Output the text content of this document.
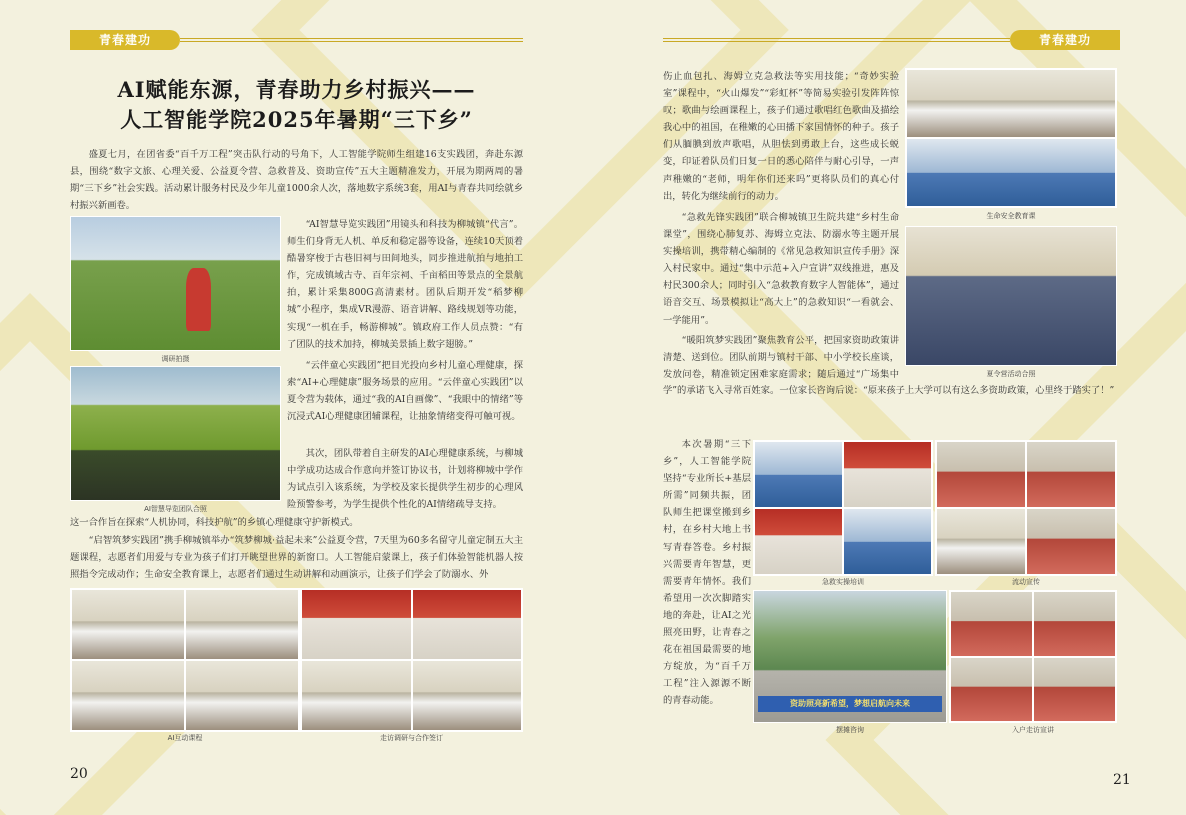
青春建功
AI赋能东源，青春助力乡村振兴——
人工智能学院2025年暑期“三下乡”

盛夏七月，在团省委“百千万工程”突击队行动的号角下，人工智能学院师生组建16支实践团，奔赴东源县，围绕“数字文旅、心理关爱、公益夏令营、急救普及、资助宣传”五大主题精准发力，开展为期两周的暑期“三下乡”社会实践。活动累计服务村民及少年儿童1000余人次，落地数字系统3套，用AI与青春共同绘就乡村振兴新画卷。

调研拍摄
AI智慧导览团队合照

“AI智慧导览实践团”用镜头和科技为柳城镇“代言”。师生们身背无人机、单反和稳定器等设备，连续10天顶着酷暑穿梭于古巷旧祠与田间地头，同步推进航拍与地拍工作，完成镇域古寺、百年宗祠、千亩稻田等景点的全景航拍，累计采集800G高清素材。团队后期开发“稻梦柳城”小程序，集成VR漫游、语音讲解、路线规划等功能，实现“一机在手，畅游柳城”。镇政府工作人员点赞：“有了团队的技术加持，柳城美景插上数字翅膀。”

“云伴童心实践团”把目光投向乡村儿童心理健康，探索“AI+心理健康”服务场景的应用。“云伴童心实践团”以夏令营为载体，通过“我的AI自画像”、“我眼中的情绪”等沉浸式AI心理健康团辅课程，让抽象情绪变得可触可视。

其次，团队带着自主研发的AI心理健康系统，与柳城中学成功达成合作意向并签订协议书，计划将柳城中学作为试点引入该系统，为学校及家长提供学生初步的心理风险预警参考，为学生提供个性化的AI情绪疏导支持。

这一合作旨在探索“人机协同，科技护航”的乡镇心理健康守护新模式。

“启智筑梦实践团”携手柳城镇举办“筑梦柳城·益起未来”公益夏令营，7天里为60多名留守儿童定制五大主题课程，志愿者们用爱与专业为孩子们打开眺望世界的新窗口。人工智能启蒙课上，孩子们体验智能机器人按照指令完成动作；生命安全教育课上，志愿者们通过生动讲解和动画演示，让孩子们学会了防溺水、外

AI互动课程	走访调研与合作签订
20
青春建功

伤止血包扎、海姆立克急救法等实用技能；“奇妙实验室”课程中，“火山爆发”“彩虹杯”等简易实验引发阵阵惊叹；歌曲与绘画课程上，孩子们通过歌唱红色歌曲及描绘我心中的祖国，在稚嫩的心田播下家国情怀的种子。孩子们从腼腆到放声歌唱，从胆怯到勇敢上台，这些成长蜕变，印证着队员们日复一日的悉心陪伴与耐心引导，一声声稚嫩的“老师，明年你们还来吗”更将队员们的真心付出，转化为继续前行的动力。

生命安全教育课

“急救先锋实践团”联合柳城镇卫生院共建“乡村生命课堂”，围绕心肺复苏、海姆立克法、防溺水等主题开展实操培训，携带精心编制的《常见急救知识宣传手册》深入村民家中。通过“集中示范+入户宣讲”双线推进，惠及村民300余人；同时引入“急救教育数字人智能体”，通过语音交互、场景模拟让“高大上”的急救知识“一看就会、一学能用”。

夏令营活动合照

“暖阳筑梦实践团”聚焦教育公平，把国家资助政策讲清楚、送到位。团队前期与镇村干部、中小学校长座谈，发放问卷，精准锁定困难家庭需求；随后通过“广场集中

学”的承诺飞入寻常百姓家。一位家长咨询后说：“原来孩子上大学可以有这么多资助政策，心里终于踏实了！”

本次暑期“三下乡”，人工智能学院坚持“专业所长+基层所需”同频共振，团队师生把课堂搬到乡村，在乡村大地上书写青春答卷。乡村振兴需要青年智慧，更需要青年情怀。我们希望用一次次脚踏实地的奔赴，让AI之光照亮田野，让青春之花在祖国最需要的地方绽放，为“百千万工程”注入源源不断的青春动能。

急救实操培训	流动宣传
资助照亮新希望，梦想启航向未来
摆摊咨询	入户走访宣讲
21
